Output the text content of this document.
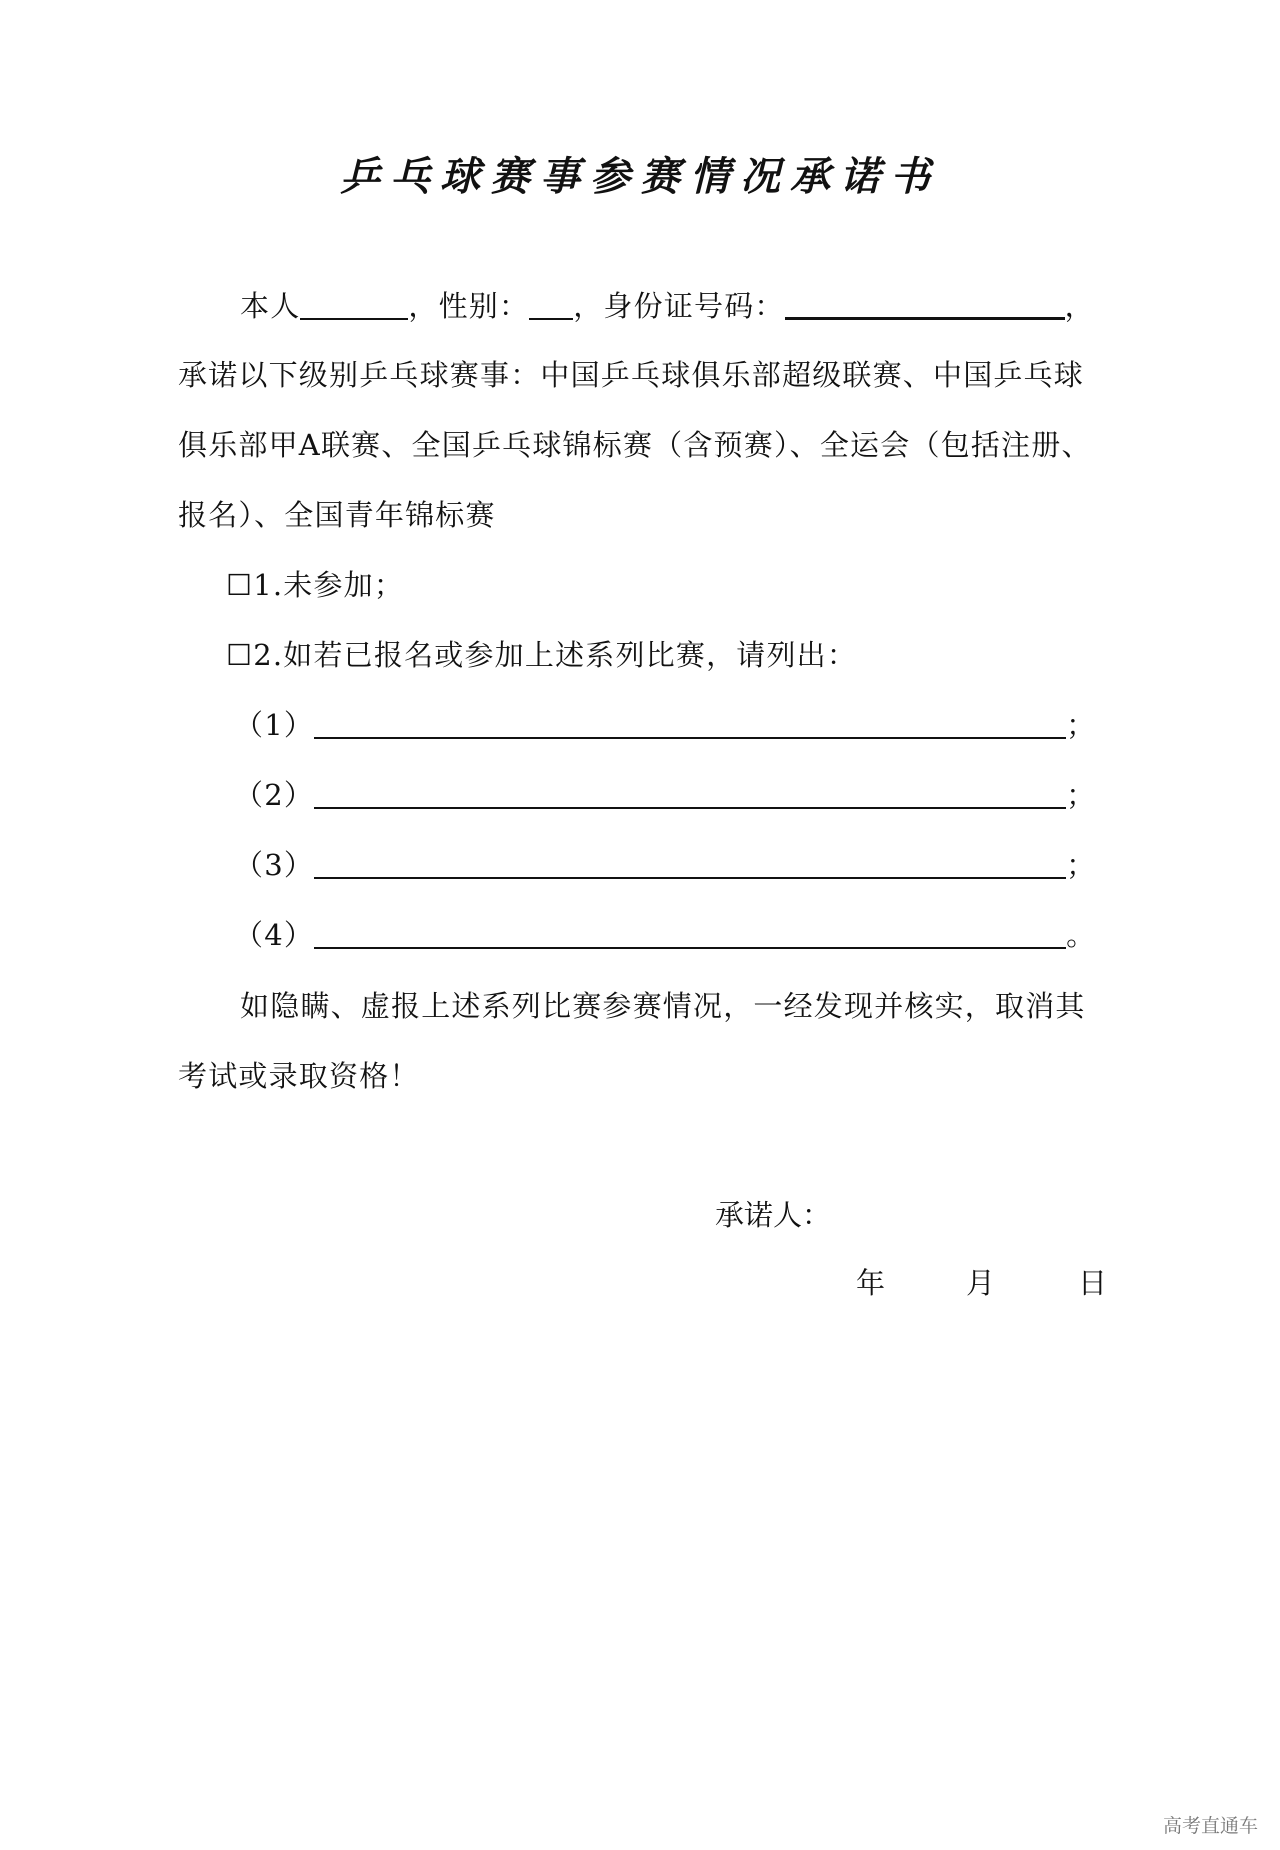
乒乓球赛事参赛情况承诺书
本人	，性别： ，身份证号码：	，
承诺以下级别乒乓球赛事：中国乒乓球俱乐部超级联赛、中国乒乓球
俱乐部甲A联赛、全国乒乓球锦标赛（含预赛）、全运会（包括注册、
报名）、全国青年锦标赛
☐1.未参加；
☐2.如若已报名或参加上述系列比赛，请列出：
（1）	；
（2）	；
（3）	；
（4）	。
如隐瞒、虚报上述系列比赛参赛情况，一经发现并核实，取消其
考试或录取资格！
承诺人：
年	月	日
高考直通车
